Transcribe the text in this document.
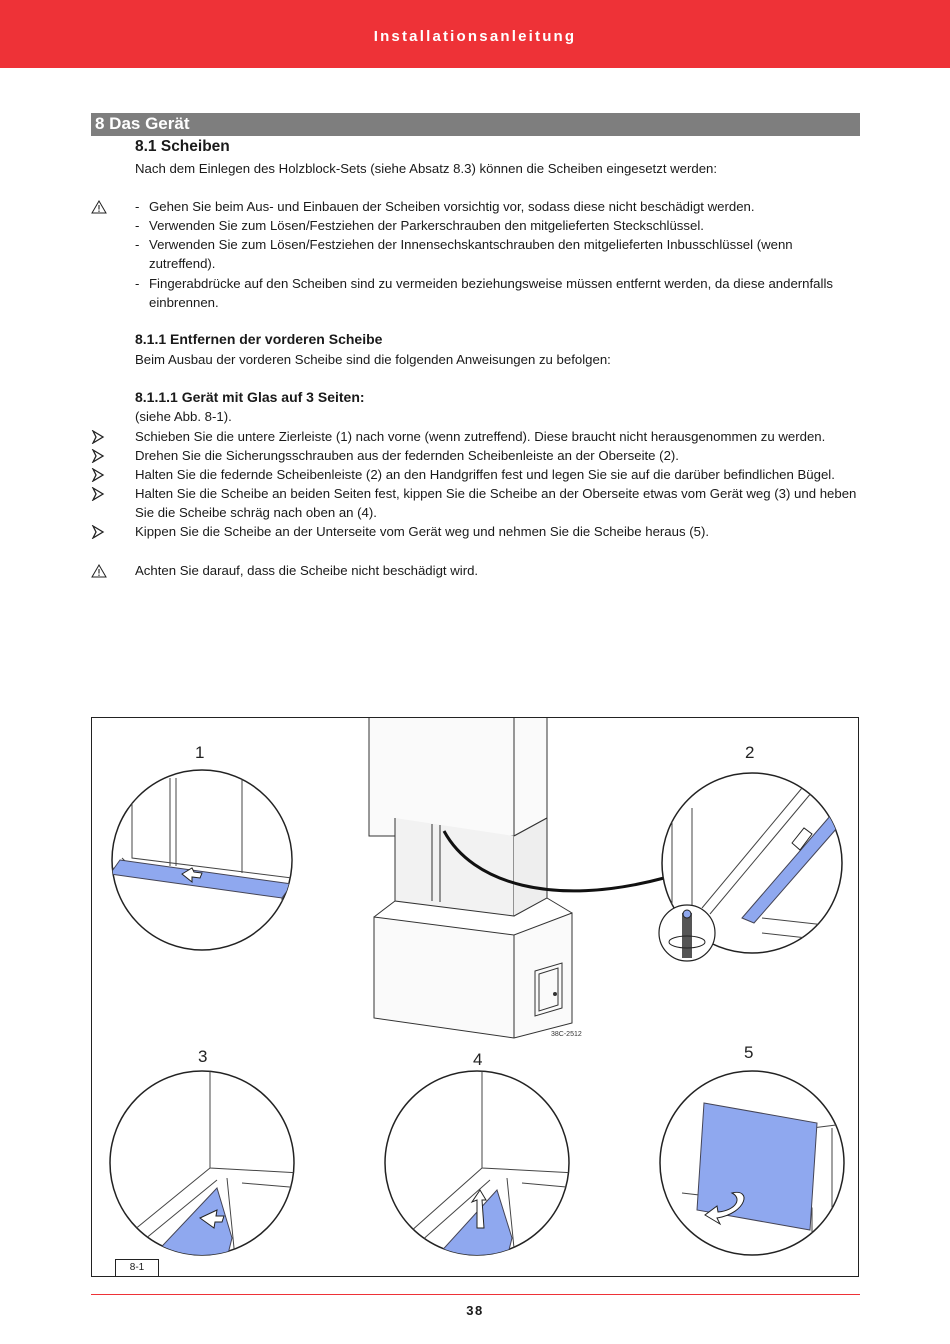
Installationsanleitung
8 Das Gerät
8.1 Scheiben
Nach dem Einlegen des Holzblock-Sets (siehe Absatz 8.3) können die Scheiben eingesetzt werden:
- Gehen Sie beim Aus- und Einbauen der Scheiben vorsichtig vor, sodass diese nicht beschädigt werden.
- Verwenden Sie zum Lösen/Festziehen der Parkerschrauben den mitgelieferten Steckschlüssel.
- Verwenden Sie zum Lösen/Festziehen der Innensechskantschrauben den mitgelieferten Inbusschlüssel (wenn
zutreffend).
- Fingerabdrücke auf den Scheiben sind zu vermeiden beziehungsweise müssen entfernt werden, da diese andernfalls
einbrennen.
8.1.1 Entfernen der vorderen Scheibe
Beim Ausbau der vorderen Scheibe sind die folgenden Anweisungen zu befolgen:
8.1.1.1 Gerät mit Glas auf 3 Seiten:
(siehe Abb. 8-1).
Schieben Sie die untere Zierleiste (1) nach vorne (wenn zutreffend). Diese braucht nicht herausgenommen zu werden.
Drehen Sie die Sicherungsschrauben aus der federnden Scheibenleiste an der Oberseite (2).
Halten Sie die federnde Scheibenleiste (2) an den Handgriffen fest und legen Sie sie auf die darüber befindlichen Bügel.
Halten Sie die Scheibe an beiden Seiten fest, kippen Sie die Scheibe an der Oberseite etwas vom Gerät weg (3) und heben
Sie die Scheibe schräg nach oben an (4).
Kippen Sie die Scheibe an der Unterseite vom Gerät weg und nehmen Sie die Scheibe heraus (5).
Achten Sie darauf, dass die Scheibe nicht beschädigt wird.
1	2
3	4	5
38C-2512
8-1
38
